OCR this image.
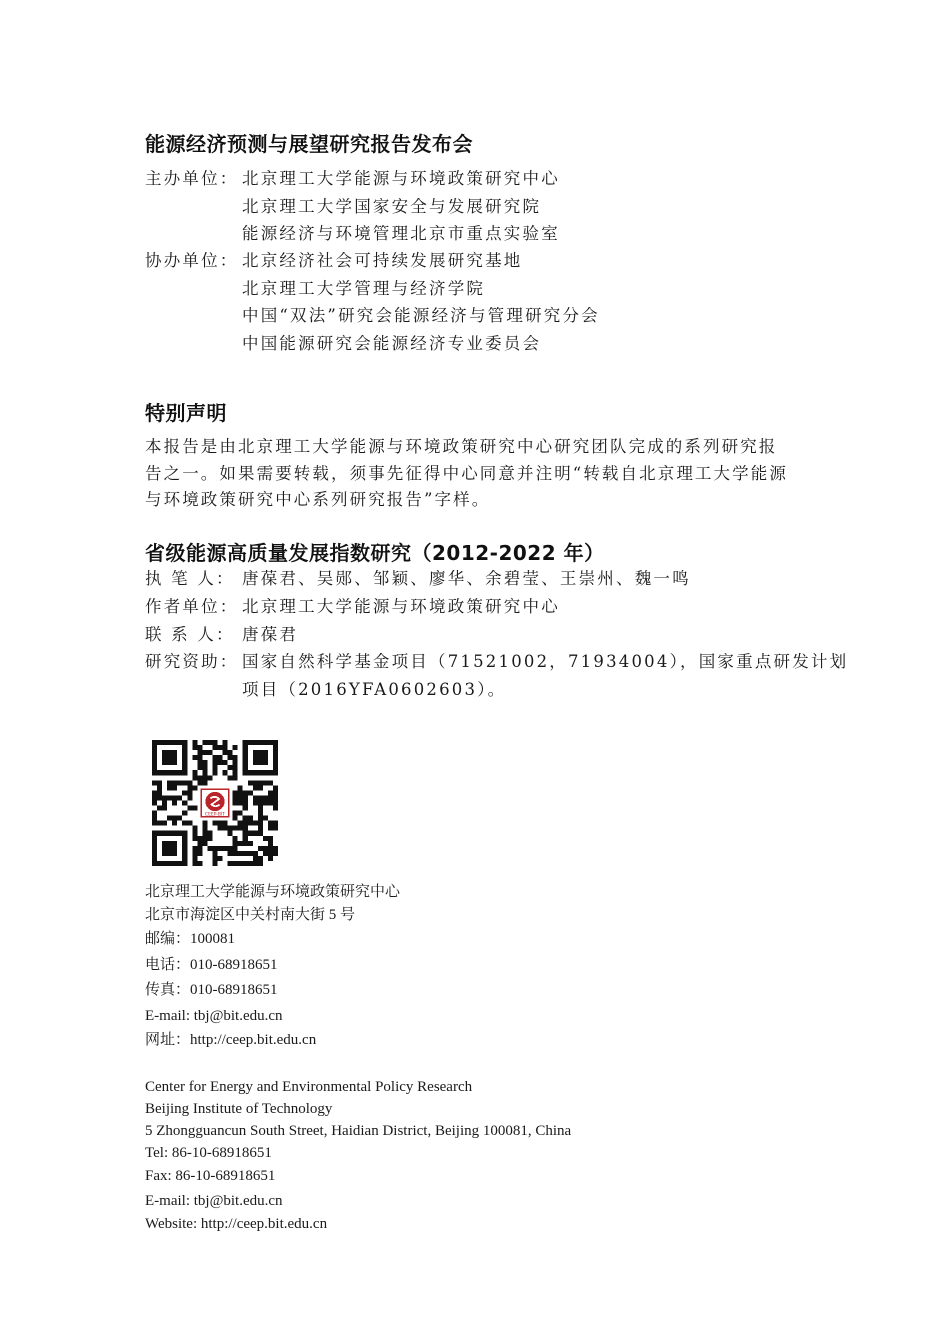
能源经济预测与展望研究报告发布会
主办单位： 北京理工大学能源与环境政策研究中心
北京理工大学国家安全与发展研究院
能源经济与环境管理北京市重点实验室
协办单位： 北京经济社会可持续发展研究基地
北京理工大学管理与经济学院
中国“双法”研究会能源经济与管理研究分会
中国能源研究会能源经济专业委员会
特别声明
本报告是由北京理工大学能源与环境政策研究中心研究团队完成的系列研究报
告之一。如果需要转载，须事先征得中心同意并注明“转载自北京理工大学能源
与环境政策研究中心系列研究报告”字样。
省级能源高质量发展指数研究（2012-2022 年）
执 笔 人： 唐葆君、吴郧、邹颖、廖华、余碧莹、王崇州、魏一鸣
作者单位： 北京理工大学能源与环境政策研究中心
联 系 人： 唐葆君
研究资助： 国家自然科学基金项目（71521002，71934004），国家重点研发计划
项目（2016YFA0602603）。
北京理工大学能源与环境政策研究中心
北京市海淀区中关村南大街 5 号
邮编：100081
电话：010-68918651
传真：010-68918651
E-mail: tbj@bit.edu.cn
网址：http://ceep.bit.edu.cn
Center for Energy and Environmental Policy Research
Beijing Institute of Technology
5 Zhongguancun South Street, Haidian District, Beijing 100081, China
Tel: 86-10-68918651
Fax: 86-10-68918651
E-mail: tbj@bit.edu.cn
Website: http://ceep.bit.edu.cn
